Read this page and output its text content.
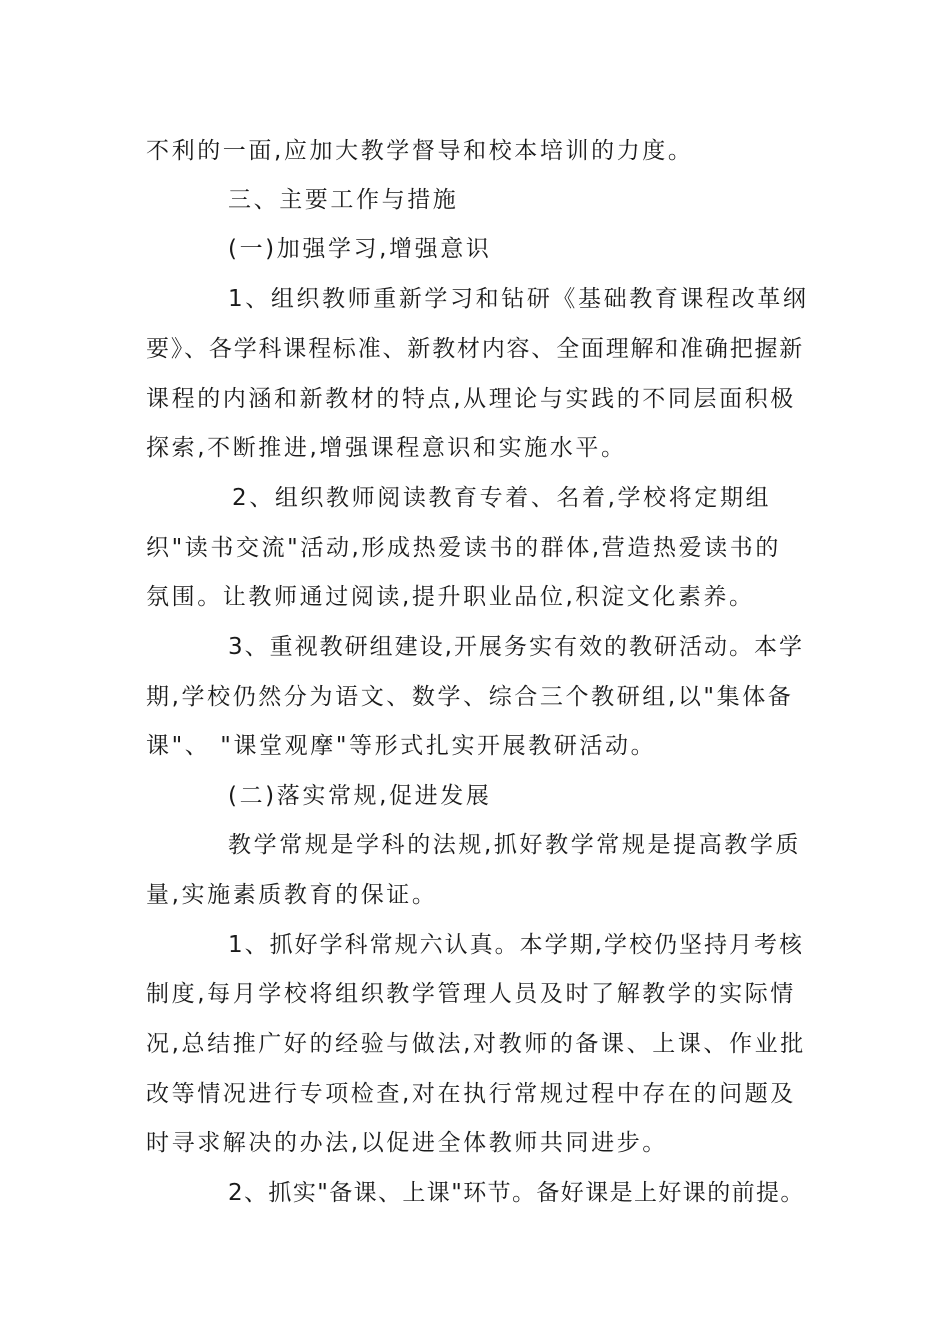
不利的一面,应加大教学督导和校本培训的力度。
三、主要工作与措施
(一)加强学习,增强意识
1、组织教师重新学习和钻研《基础教育课程改革纲
要》、各学科课程标准、新教材内容、全面理解和准确把握新
课程的内涵和新教材的特点,从理论与实践的不同层面积极
探索,不断推进,增强课程意识和实施水平。
2、组织教师阅读教育专着、名着,学校将定期组
织"读书交流"活动,形成热爱读书的群体,营造热爱读书的
氛围。让教师通过阅读,提升职业品位,积淀文化素养。
3、重视教研组建设,开展务实有效的教研活动。本学
期,学校仍然分为语文、数学、综合三个教研组,以"集体备
课"、 "课堂观摩"等形式扎实开展教研活动。
(二)落实常规,促进发展
教学常规是学科的法规,抓好教学常规是提高教学质
量,实施素质教育的保证。
1、抓好学科常规六认真。本学期,学校仍坚持月考核
制度,每月学校将组织教学管理人员及时了解教学的实际情
况,总结推广好的经验与做法,对教师的备课、上课、作业批
改等情况进行专项检查,对在执行常规过程中存在的问题及
时寻求解决的办法,以促进全体教师共同进步。
2、抓实"备课、上课"环节。备好课是上好课的前提。
